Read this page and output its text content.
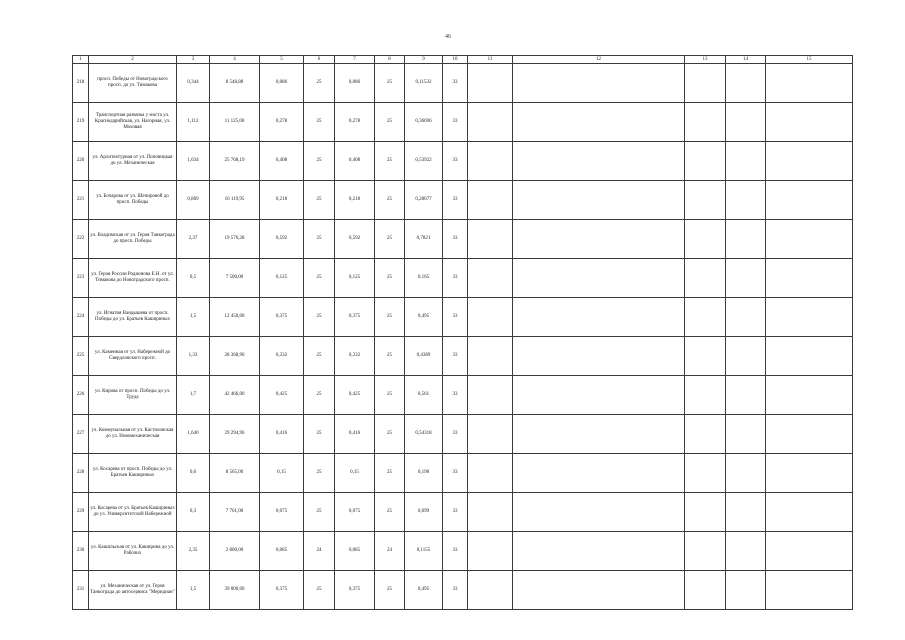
46
1	2	3	4	5	6	7	8	9	10	11	12	13	14	15
218	просп. Победы от Новоградского просп. до ул. Тимакова	0,344	8 548,88	0,086	25	0,086	25	0,11532	33					
219	Транспортная развязка у моста ул. Краснодарийская, ул. Нагорная, ул. Моховая	1,112	11 125,00	0,278	25	0,278	25	0,36696	33					
220	ул. Архитектурная от ул. Поповицкая до ул. Механическая	1,634	25 768,19	0,408	25	0,408	25	0,53922	33					
221	ул. Бочарова от ул. Шепировой до просп. Победы	0,869	16 119,95	0,218	25	0,218	25	0,28677	33					
222	ул. Владимская от ул. Героя Танкограда до просп. Победы	2,37	19 576,28	0,592	25	0,592	25	0,7821	33					
223	ул. Героя России Родионова Е.Н. от ул. Тимакова до Новоградского просп.	0,5	7 500,00	0,125	25	0,125	25	0,165	33					
224	ул. Игнатия Вандышева от просп. Победы до ул. Братьев Кашириных	1,5	12 450,00	0,375	25	0,375	25	0,495	33					
225	ул. Каменная от ул. Набережной до Свердловского просп.	1,33	28 368,90	0,332	25	0,332	25	0,4389	33					
226	ул. Кирова от просп. Победы до ул. Труда	1,7	42 466,00	0,425	25	0,425	25	0,561	33					
227	ул. Коммунальная от ул. Кастиловская до ул. Новомеханическая	1,640	29 294,96	0,416	25	0,416	25	0,54318	33					
228	ул. Косарева от просп. Победы до ул. Братьев Кашириных	0,6	8 565,00	0,15	25	0,15	25	0,198	33					
229	ул. Косарева от ул. Братьев Кашириных до ул. Университетской Набережной	0,3	7 761,00	0,075	25	0,075	25	0,099	33					
230	ул. Кашильская от ул. Каширина до ул. Рабочих	2,35	2 800,00	0,085	24	0,085	24	0,1155	33					
231	ул. Механическая от ул. Героя Танкограда до автосервиса "Меридиан"	1,5	39 000,00	0,375	25	0,375	25	0,495	33					
